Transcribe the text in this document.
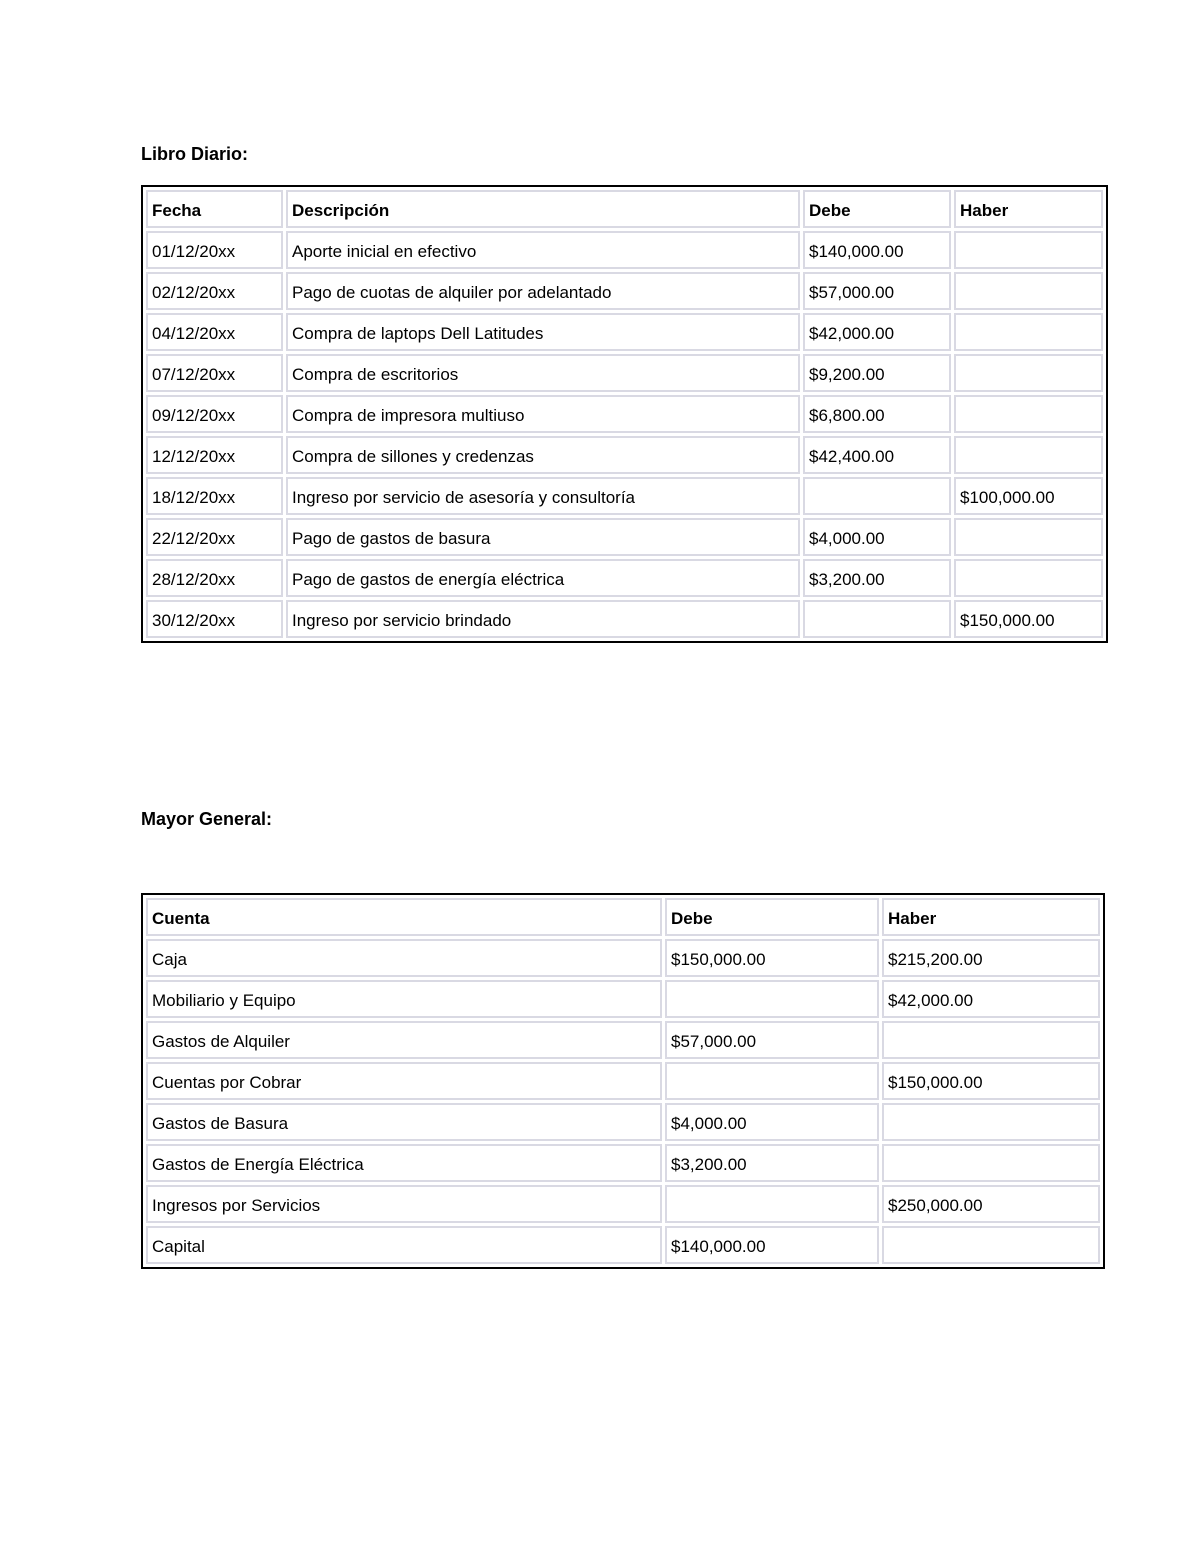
Libro Diario:

Fecha	Descripción	Debe	Haber
01/12/20xx	Aporte inicial en efectivo	$140,000.00	
02/12/20xx	Pago de cuotas de alquiler por adelantado	$57,000.00	
04/12/20xx	Compra de laptops Dell Latitudes	$42,000.00	
07/12/20xx	Compra de escritorios	$9,200.00	
09/12/20xx	Compra de impresora multiuso	$6,800.00	
12/12/20xx	Compra de sillones y credenzas	$42,400.00	
18/12/20xx	Ingreso por servicio de asesoría y consultoría		$100,000.00
22/12/20xx	Pago de gastos de basura	$4,000.00	
28/12/20xx	Pago de gastos de energía eléctrica	$3,200.00	
30/12/20xx	Ingreso por servicio brindado		$150,000.00

Mayor General:

Cuenta	Debe	Haber
Caja	$150,000.00	$215,200.00
Mobiliario y Equipo		$42,000.00
Gastos de Alquiler	$57,000.00	
Cuentas por Cobrar		$150,000.00
Gastos de Basura	$4,000.00	
Gastos de Energía Eléctrica	$3,200.00	
Ingresos por Servicios		$250,000.00
Capital	$140,000.00	
